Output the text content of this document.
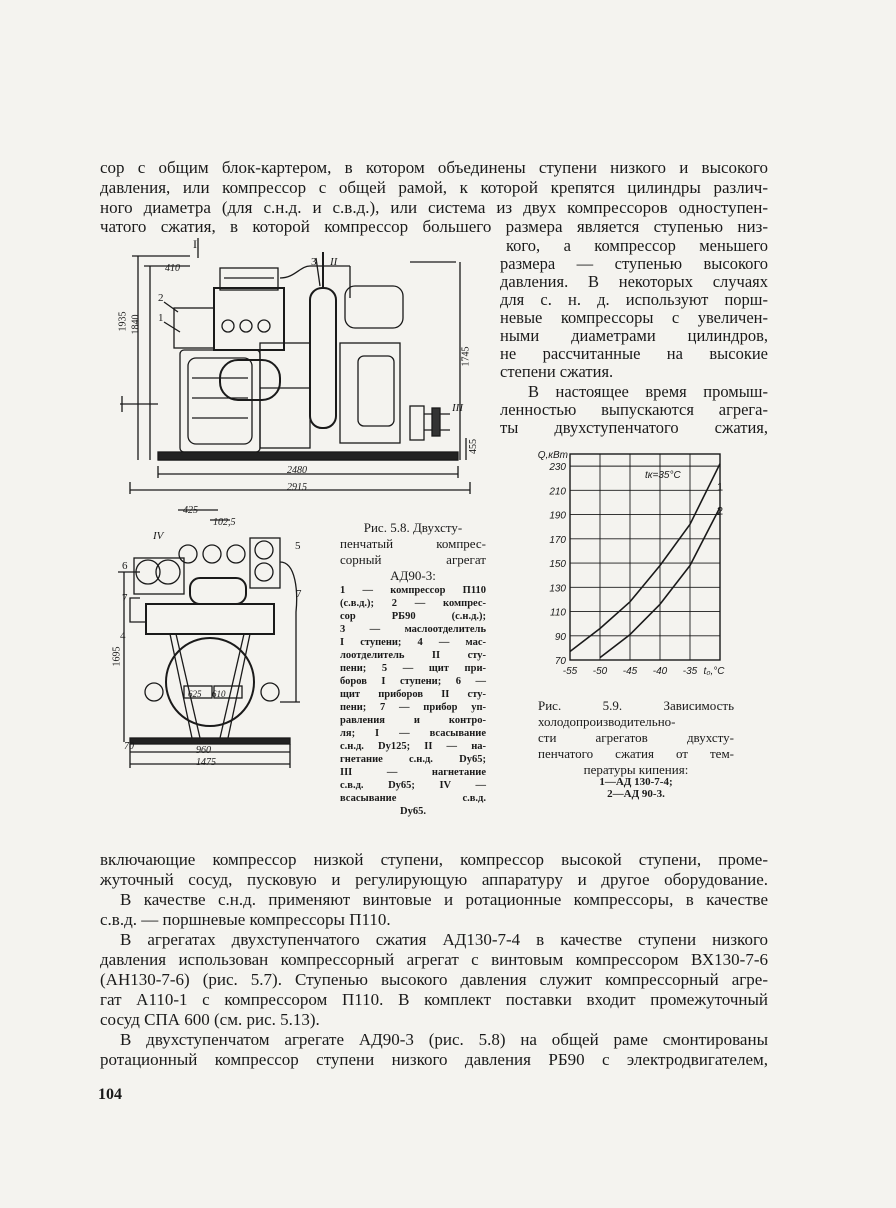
сор с общим блок-картером, в котором объединены ступени низкого и высокого
давления, или компрессор с общей рамой, к которой крепятся цилиндры различ-
ного диаметра (для с.н.д. и с.в.д.), или система из двух компрессоров одноступен-
чатого сжатия, в которой компрессор большего размера является ступенью низ-
кого, а компрессор меньшего
размера — ступенью высокого
давления. В некоторых случаях
для с. н. д. используют порш-
невые компрессоры с увеличен-
ными диаметрами цилиндров,
не рассчитанные на высокие
степени сжатия.
В настоящее время промыш-
ленностью выпускаются агрега-
ты двухступенчатого сжатия,
1935 1840
1745
455
410
2480
2915
I
2
1
3 II
III
425
102,5
1695
625 610
70	960
1475
IV
5
6
7	7
4
Рис. 5.8. Двухсту-
пенчатый компрес-
сорный агрегат
АД90-3:
1 — компрессор П110
(с.в.д.); 2 — компрес-
сор РБ90 (с.н.д.);
3 — маслоотделитель
I ступени; 4 — мас-
лоотделитель II сту-
пени; 5 — щит при-
боров I ступени; 6 —
щит приборов II сту-
пени; 7 — прибор уп-
равления и контро-
ля; I — всасывание
с.н.д. Dу125; II — на-
гнетание с.н.д. Dу65;
III — нагнетание
с.в.д. Dу65; IV —
всасывание с.в.д.
Dу65.
70
90
110
130
150
170
190
210
230
-55 -50 -45 -40 -35 t₀,°C
Q,кВт
tк=35°C
1
2
Рис. 5.9. Зависимость
холодопроизводительно-
сти агрегатов двухсту-
пенчатого сжатия от тем-
пературы кипения:
1—АД 130-7-4;
2—АД 90-3.
включающие компрессор низкой ступени, компрессор высокой ступени, проме-
жуточный сосуд, пусковую и регулирующую аппаратуру и другое оборудование.
В качестве с.н.д. применяют винтовые и ротационные компрессоры, в качестве
с.в.д. — поршневые компрессоры П110.
В агрегатах двухступенчатого сжатия АД130-7-4 в качестве ступени низкого
давления использован компрессорный агрегат с винтовым компрессором ВХ130-7-6
(АН130-7-6) (рис. 5.7). Ступенью высокого давления служит компрессорный агре-
гат А110-1 с компрессором П110. В комплект поставки входит промежуточный
сосуд СПА 600 (см. рис. 5.13).
В двухступенчатом агрегате АД90-3 (рис. 5.8) на общей раме смонтированы
ротационный компрессор ступени низкого давления РБ90 с электродвигателем,
104
